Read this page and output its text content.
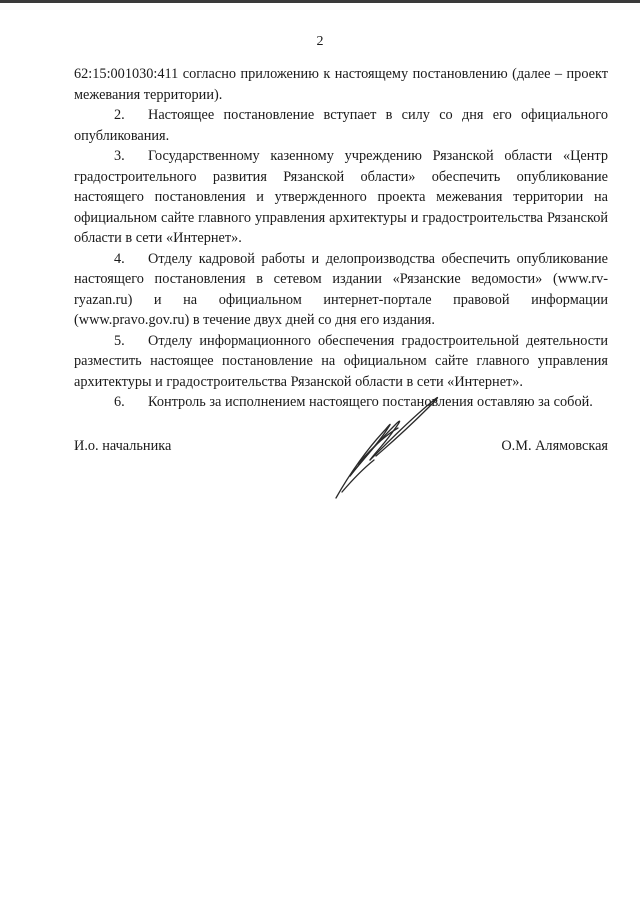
2

62:15:001030:411 согласно приложению к настоящему постановлению (далее – проект межевания территории).

2. Настоящее постановление вступает в силу со дня его официального опубликования.

3. Государственному казенному учреждению Рязанской области «Центр градостроительного развития Рязанской области» обеспечить опубликование настоящего постановления и утвержденного проекта межевания территории на официальном сайте главного управления архитектуры и градостроительства Рязанской области в сети «Интернет».

4. Отделу кадровой работы и делопроизводства обеспечить опубликование настоящего постановления в сетевом издании «Рязанские ведомости» (www.rv-ryazan.ru) и на официальном интернет-портале правовой информации (www.pravo.gov.ru) в течение двух дней со дня его издания.

5. Отделу информационного обеспечения градостроительной деятельности разместить настоящее постановление на официальном сайте главного управления архитектуры и градостроительства Рязанской области в сети «Интернет».

6. Контроль за исполнением настоящего постановления оставляю за собой.

И.о. начальника	О.М. Алямовская
